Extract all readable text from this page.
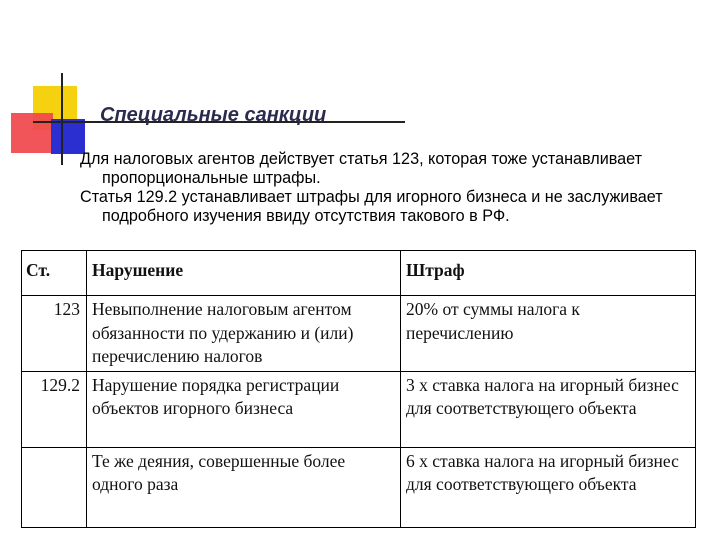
Специальные санкции

Для налоговых агентов действует статья 123, которая тоже устанавливает пропорциональные штрафы.

Статья 129.2 устанавливает штрафы для игорного бизнеса и не заслуживает подробного изучения ввиду отсутствия такового в РФ.

Ст.	Нарушение	Штраф
123	Невыполнение налоговым агентом обязанности по удержанию и (или) перечислению налогов	20% от суммы налога к перечислению
129.2	Нарушение порядка регистрации объектов игорного бизнеса	3 х ставка налога на игорный бизнес для соответствующего объекта
	Те же деяния, совершенные более одного раза	6 х ставка налога на игорный бизнес для соответствующего объекта
